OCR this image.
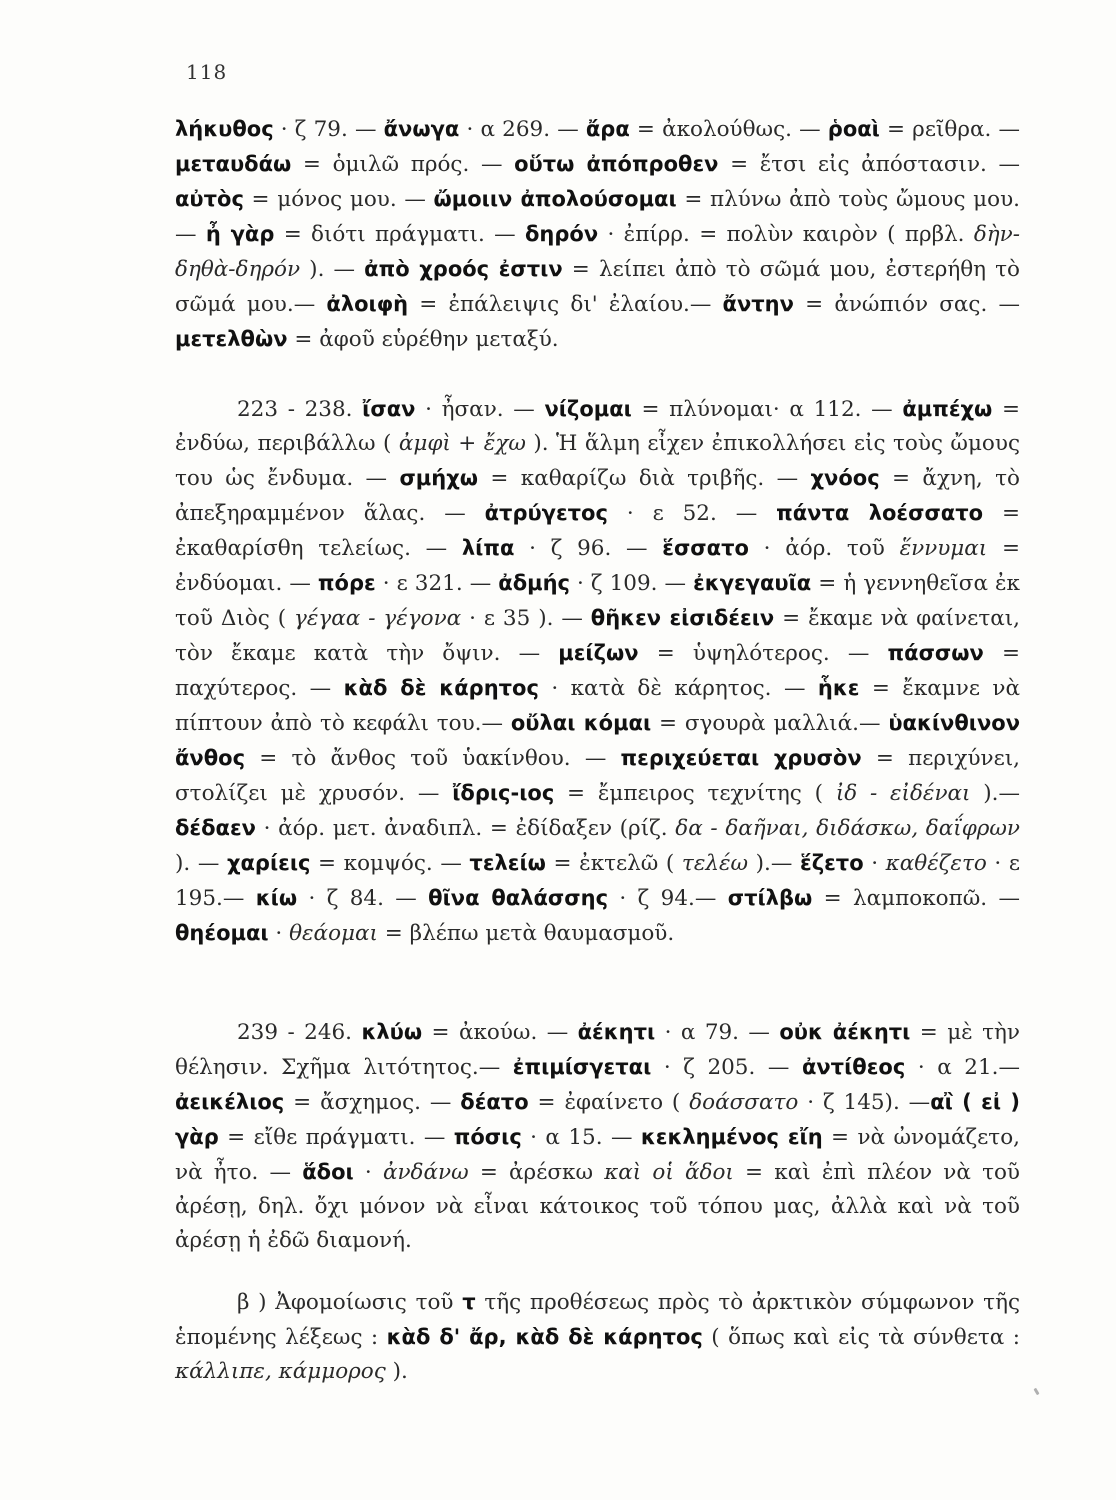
118

λήκυθος · ζ 79. — ἄνωγα · α 269. — ἄρα = ἀκολούθως. — ῥοαὶ = ρεῖθρα. — μεταυδάω = ὁμιλῶ πρός. — οὕτω ἀπόπροθεν = ἔτσι εἰς ἀπόστασιν. — αὐτὸς = μόνος μου. — ὤμοιιν ἀπολούσομαι = πλύνω ἀπὸ τοὺς ὤμους μου. — ἦ γὰρ = διότι πράγματι. — δηρόν · ἐπίρρ. = πολὺν καιρὸν ( πρβλ. δὴν-δηθὰ-δηρόν ). — ἀπὸ χροός ἐστιν = λείπει ἀπὸ τὸ σῶμά μου, ἐστερήθη τὸ σῶμά μου.— ἀλοιφὴ = ἐπάλειψις δι' ἐλαίου.— ἄντην = ἀνώπιόν σας. — μετελθὼν = ἀφοῦ εὑρέθην μεταξύ.

223 - 238. ἴσαν · ἦσαν. — νίζομαι = πλύνομαι· α 112. — ἀμπέχω = ἐνδύω, περιβάλλω ( ἀμφὶ + ἔχω ). Ἡ ἅλμη εἶχεν ἐπικολλήσει εἰς τοὺς ὤμους του ὡς ἔνδυμα. — σμήχω = καθαρίζω διὰ τριβῆς. — χνόος = ἄχνη, τὸ ἀπεξηραμμένον ἅλας. — ἀτρύγετος · ε 52. — πάντα λοέσσατο = ἐκαθαρίσθη τελείως. — λίπα · ζ 96. — ἕσσατο · ἀόρ. τοῦ ἕννυμαι = ἐνδύομαι. — πόρε · ε 321. — ἀδμής · ζ 109. — ἐκγεγαυῖα = ἡ γεννηθεῖσα ἐκ τοῦ Διὸς ( γέγαα - γέγονα · ε 35 ). — θῆκεν εἰσιδέειν = ἔκαμε νὰ φαίνεται, τὸν ἔκαμε κατὰ τὴν ὄψιν. — μείζων = ὑψηλότερος. — πάσσων = παχύτερος. — κὰδ δὲ κάρητος · κατὰ δὲ κάρητος. — ἧκε = ἔκαμνε νὰ πίπτουν ἀπὸ τὸ κεφάλι του.— οὔλαι κόμαι = σγουρὰ μαλλιά.— ὑακίνθινον ἄνθος = τὸ ἄνθος τοῦ ὑακίνθου. — περιχεύεται χρυσὸν = περιχύνει, στολίζει μὲ χρυσόν. — ἴδρις-ιος = ἔμπειρος τεχνίτης ( ἰδ - εἰδέναι ).— δέδαεν · ἀόρ. μετ. ἀναδιπλ. = ἐδίδαξεν (ρίζ. δα - δαῆναι, διδάσκω, δαΐφρων ). — χαρίεις = κομψός. — τελείω = ἐκτελῶ ( τελέω ).— ἕζετο · καθέζετο · ε 195.— κίω · ζ 84. — θῖνα θαλάσσης · ζ 94.— στίλβω = λαμποκοπῶ. — θηέομαι · θεάομαι = βλέπω μετὰ θαυμασμοῦ.

239 - 246. κλύω = ἀκούω. — ἀέκητι · α 79. — οὐκ ἀέκητι = μὲ τὴν θέλησιν. Σχῆμα λιτότητος.— ἐπιμίσγεται · ζ 205. — ἀντίθεος · α 21.— ἀεικέλιος = ἄσχημος. — δέατο = ἐφαίνετο ( δοάσσατο · ζ 145). —αἲ ( εἰ ) γὰρ = εἴθε πράγματι. — πόσις · α 15. — κεκλημένος εἴη = νὰ ὠνομάζετο, νὰ ἦτο. — ἅδοι · ἀνδάνω = ἀρέσκω καὶ οἱ ἅδοι = καὶ ἐπὶ πλέον νὰ τοῦ ἀρέσῃ, δηλ. ὄχι μόνον νὰ εἶναι κάτοικος τοῦ τόπου μας, ἀλλὰ καὶ νὰ τοῦ ἀρέσῃ ἡ ἐδῶ διαμονή.

β ) Ἀφομοίωσις τοῦ τ τῆς προθέσεως πρὸς τὸ ἀρκτικὸν σύμφωνον τῆς ἑπομένης λέξεως : κὰδ δ' ἄρ, κὰδ δὲ κάρητος ( ὅπως καὶ εἰς τὰ σύνθετα : κάλλιπε, κάμμορος ).
